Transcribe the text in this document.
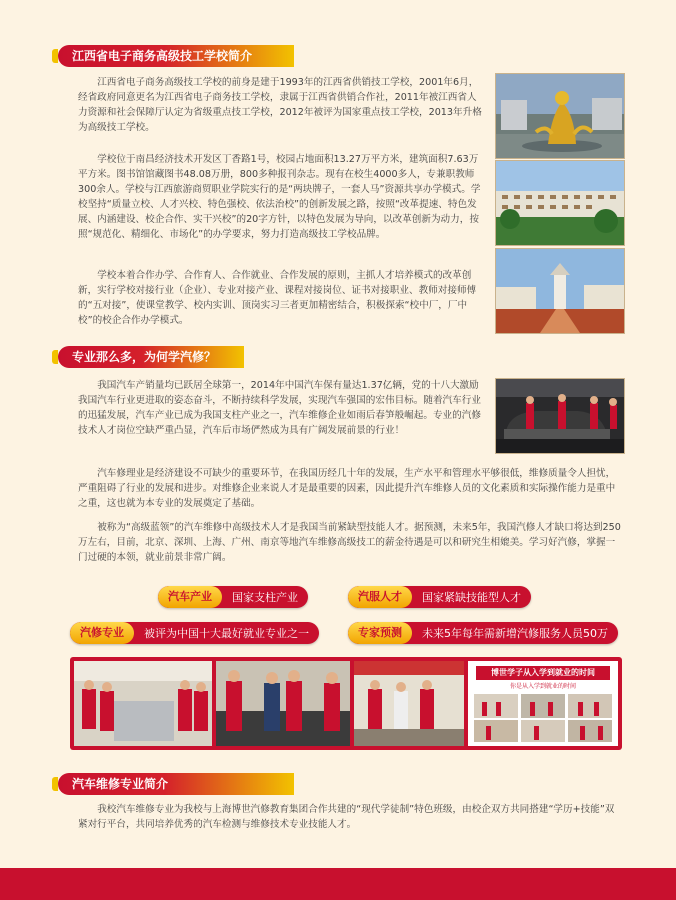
江西省电子商务高级技工学校简介

江西省电子商务高级技工学校的前身是建于1993年的江西省供销技工学校，2001年6月，经省政府同意更名为江西省电子商务技工学校，隶属于江西省供销合作社，2011年被江西省人力资源和社会保障厅认定为省级重点技工学校，2012年被评为国家重点技工学校，2013年升格为高级技工学校。

学校位于南昌经济技术开发区丁香路1号，校园占地面积13.27万平方米，建筑面积7.63万平方米。图书馆馆藏图书48.08万册，800多种报刊杂志。现有在校生4000多人，专兼职教师300余人。学校与江西旅游商贸职业学院实行的是“两块牌子，一套人马”资源共享办学模式。学校坚持“质量立校、人才兴校、特色强校、依法治校”的创新发展之路，按照“改革提速、特色发展、内涵建设、校企合作、实干兴校”的20字方针，以特色发展为导向，以改革创新为动力，按照“规范化、精细化、市场化”的办学要求，努力打造高级技工学校品牌。

学校本着合作办学、合作育人、合作就业、合作发展的原则，主抓人才培养模式的改革创新，实行学校对接行业（企业）、专业对接产业、课程对接岗位、证书对接职业、教师对接师傅的“五对接”，使课堂教学、校内实训、顶岗实习三者更加精密结合，积极探索“校中厂，厂中校”的校企合作办学模式。

专业那么多，为何学汽修？

我国汽车产销量均已跃居全球第一，2014年中国汽车保有量达1.37亿辆，党的十八大激励我国汽车行业更进取的姿态奋斗，不断持续科学发展，实现汽车强国的宏伟目标。随着汽车行业的迅猛发展，汽车产业已成为我国支柱产业之一，汽车维修企业如雨后春笋般崛起。专业的汽修技术人才岗位空缺严重凸显，汽车后市场俨然成为具有广阔发展前景的行业！

汽车修理业是经济建设不可缺少的重要环节，在我国历经几十年的发展，生产水平和管理水平够很低，维修质量令人担忧，严重阻碍了行业的发展和进步。对维修企业来说人才是最重要的因素，因此提升汽车维修人员的文化素质和实际操作能力是重中之重，这也就为本专业的发展奠定了基础。

被称为“高级蓝领”的汽车维修中高级技术人才是我国当前紧缺型技能人才。据预测，未来5年，我国汽修人才缺口将达到250万左右，目前，北京、深圳、上海、广州、南京等地汽车维修高级技工的薪金待遇是可以和研究生相媲美。学习好汽修，掌握一门过硬的本领，就业前景非常广阔。

汽车产业	国家支柱产业	汽服人才	国家紧缺技能型人才
汽修专业	被评为中国十大最好就业专业之一	专家预测	未来5年每年需新增汽修服务人员50万
博世学子从入学到就业的时间
你是从入学到就业的时间
汽车维修专业简介

我校汽车维修专业为我校与上海博世汽修教育集团合作共建的“现代学徒制”特色班级，由校企双方共同搭建“学历+技能”双紧对行平台，共同培养优秀的汽车检测与维修技术专业技能人才。
